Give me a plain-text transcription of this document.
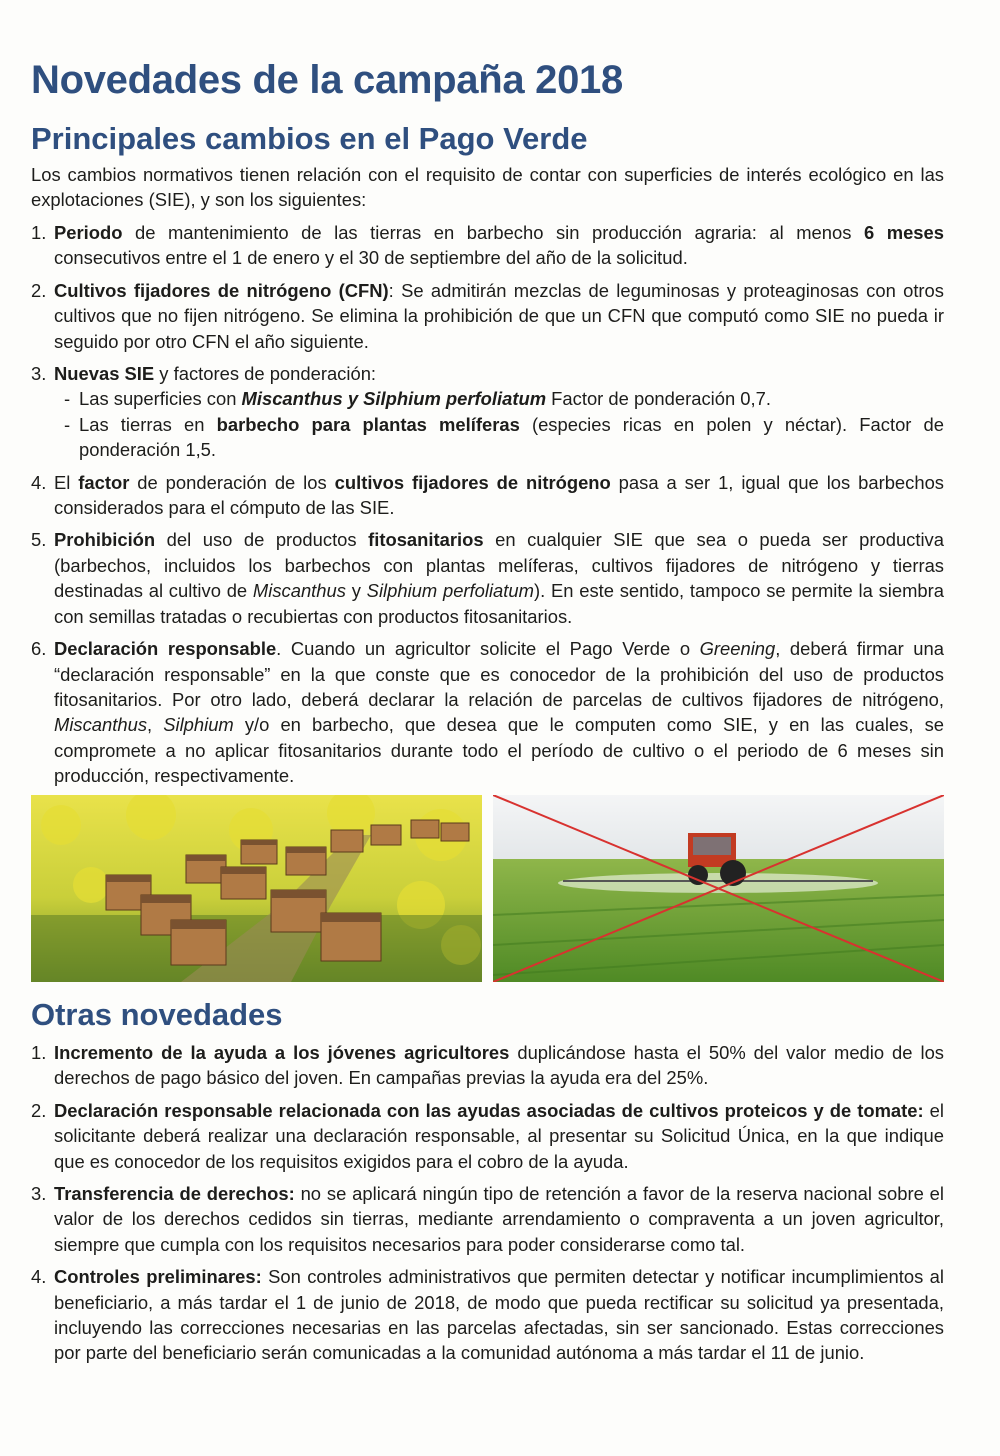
Novedades de la campaña 2018
Principales cambios en el Pago Verde

Los cambios normativos tienen relación con el requisito de contar con superficies de interés ecológico en las explotaciones (SIE), y son los siguientes:

1. Periodo de mantenimiento de las tierras en barbecho sin producción agraria: al menos 6 meses consecutivos entre el 1 de enero y el 30 de septiembre del año de la solicitud.
2. Cultivos fijadores de nitrógeno (CFN): Se admitirán mezclas de leguminosas y proteaginosas con otros cultivos que no fijen nitrógeno. Se elimina la prohibición de que un CFN que computó como SIE no pueda ir seguido por otro CFN el año siguiente.
3. Nuevas SIE y factores de ponderación:
- Las superficies con Miscanthus y Silphium perfoliatum Factor de ponderación 0,7.
- Las tierras en barbecho para plantas melíferas (especies ricas en polen y néctar). Factor de ponderación 1,5.
4. El factor de ponderación de los cultivos fijadores de nitrógeno pasa a ser 1, igual que los barbechos considerados para el cómputo de las SIE.
5. Prohibición del uso de productos fitosanitarios en cualquier SIE que sea o pueda ser productiva (barbechos, incluidos los barbechos con plantas melíferas, cultivos fijadores de nitrógeno y tierras destinadas al cultivo de Miscanthus y Silphium perfoliatum). En este sentido, tampoco se permite la siembra con semillas tratadas o recubiertas con productos fitosanitarios.
6. Declaración responsable. Cuando un agricultor solicite el Pago Verde o Greening, deberá firmar una “declaración responsable” en la que conste que es conocedor de la prohibición del uso de productos fitosanitarios. Por otro lado, deberá declarar la relación de parcelas de cultivos fijadores de nitrógeno, Miscanthus, Silphium y/o en barbecho, que desea que le computen como SIE, y en las cuales, se compromete a no aplicar fitosanitarios durante todo el período de cultivo o el periodo de 6 meses sin producción, respectivamente.
Otras novedades
1. Incremento de la ayuda a los jóvenes agricultores duplicándose hasta el 50% del valor medio de los derechos de pago básico del joven. En campañas previas la ayuda era del 25%.
2. Declaración responsable relacionada con las ayudas asociadas de cultivos proteicos y de tomate: el solicitante deberá realizar una declaración responsable, al presentar su Solicitud Única, en la que indique que es conocedor de los requisitos exigidos para el cobro de la ayuda.
3. Transferencia de derechos: no se aplicará ningún tipo de retención a favor de la reserva nacional sobre el valor de los derechos cedidos sin tierras, mediante arrendamiento o compraventa a un joven agricultor, siempre que cumpla con los requisitos necesarios para poder considerarse como tal.
4. Controles preliminares: Son controles administrativos que permiten detectar y notificar incumplimientos al beneficiario, a más tardar el 1 de junio de 2018, de modo que pueda rectificar su solicitud ya presentada, incluyendo las correcciones necesarias en las parcelas afectadas, sin ser sancionado. Estas correcciones por parte del beneficiario serán comunicadas a la comunidad autónoma a más tardar el 11 de junio.
